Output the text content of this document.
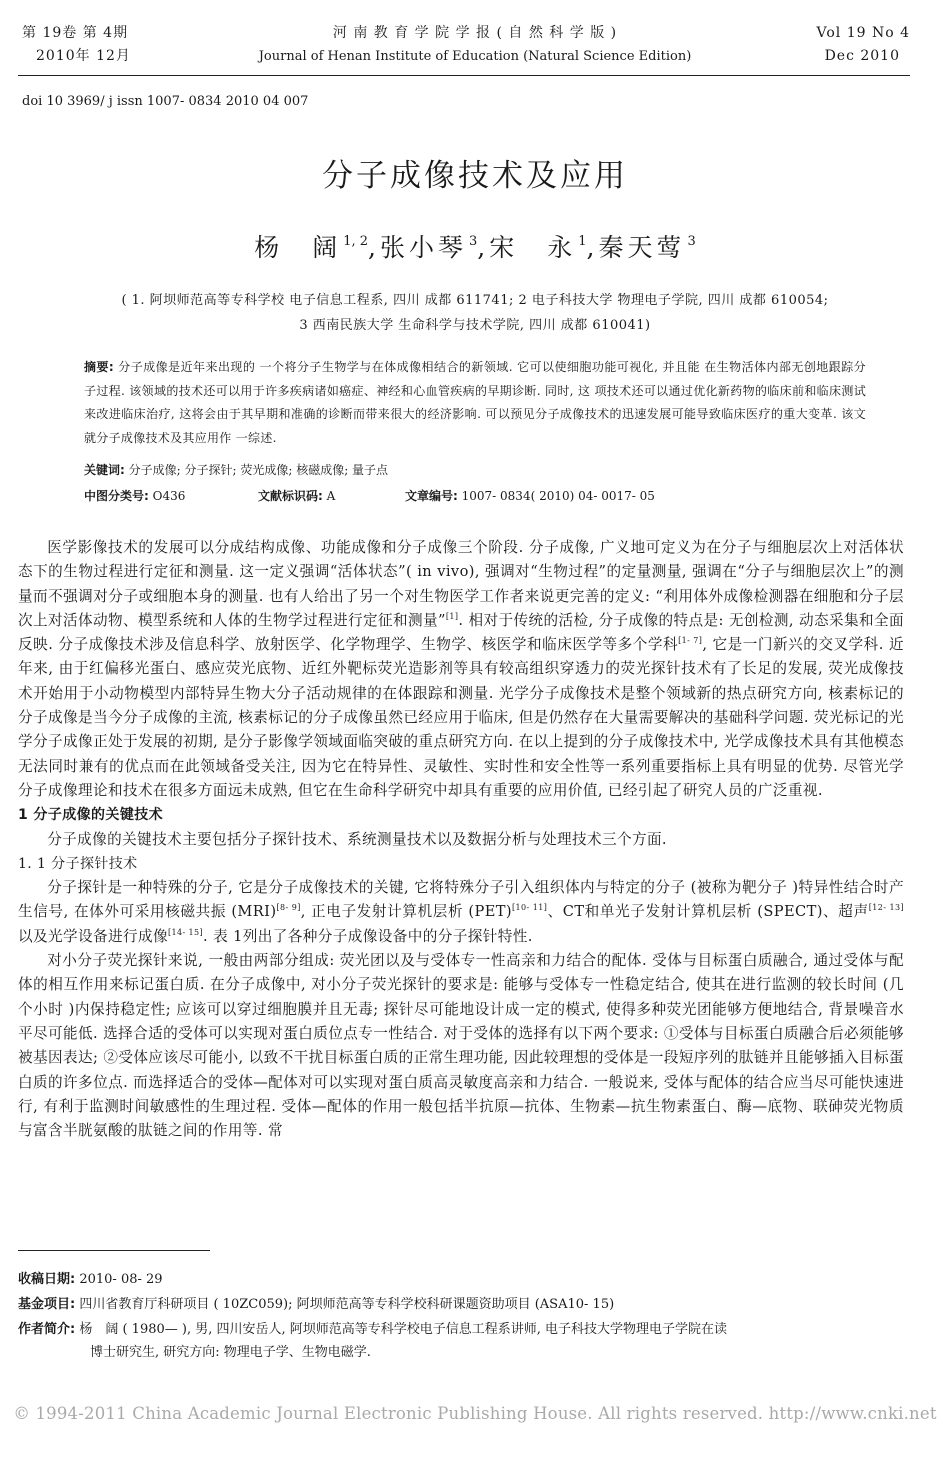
第 19卷 第 4期
2010年 12月
河 南 教 育 学 院 学 报 ( 自 然 科 学 版 )
Journal of Henan Institute of Education (Natural Science Edition)
Vol 19 No 4
Dec 2010
doi 10 3969/ j issn 1007- 0834 2010 04 007
分子成像技术及应用
杨　阔 $^{1, 2}$,张小琴 $^3$,宋　永 $^1$,秦天莺 $^3$
( 1. 阿坝师范高等专科学校 电子信息工程系, 四川 成都 611741; 2 电子科技大学 物理电子学院, 四川 成都 610054;
3 西南民族大学 生命科学与技术学院, 四川 成都 610041)
摘要: 分子成像是近年来出现的 一个将分子生物学与在体成像相结合的新领域. 它可以使细胞功能可视化, 并且能 在生物活体内部无创地跟踪分子过程. 该领域的技术还可以用于许多疾病诸如癌症、神经和心血管疾病的早期诊断. 同时, 这 项技术还可以通过优化新药物的临床前和临床测试来改进临床治疗, 这将会由于其早期和准确的诊断而带来很大的经济影响. 可以预见分子成像技术的迅速发展可能导致临床医疗的重大变革. 该文就分子成像技术及其应用作 一综述.
关键词: 分子成像; 分子探针; 荧光成像; 核磁成像; 量子点
中图分类号: O436	文献标识码: A	文章编号: 1007- 0834( 2010) 04- 0017- 05

医学影像技术的发展可以分成结构成像、功能成像和分子成像三个阶段. 分子成像, 广义地可定义为在分子与细胞层次上对活体状态下的生物过程进行定征和测量. 这一定义强调“活体状态”( in vivo), 强调对“生物过程”的定量测量, 强调在“分子与细胞层次上”的测量而不强调对分子或细胞本身的测量. 也有人给出了另一个对生物医学工作者来说更完善的定义: “利用体外成像检测器在细胞和分子层次上对活体动物、模型系统和人体的生物学过程进行定征和测量”[1]. 相对于传统的活检, 分子成像的特点是: 无创检测, 动态采集和全面反映. 分子成像技术涉及信息科学、放射医学、化学物理学、生物学、核医学和临床医学等多个学科[1- 7], 它是一门新兴的交叉学科. 近年来, 由于红偏移光蛋白、感应荧光底物、近红外靶标荧光造影剂等具有较高组织穿透力的荧光探针技术有了长足的发展, 荧光成像技术开始用于小动物模型内部特异生物大分子活动规律的在体跟踪和测量. 光学分子成像技术是整个领域新的热点研究方向, 核素标记的分子成像是当今分子成像的主流, 核素标记的分子成像虽然已经应用于临床, 但是仍然存在大量需要解决的基础科学问题. 荧光标记的光学分子成像正处于发展的初期, 是分子影像学领域面临突破的重点研究方向. 在以上提到的分子成像技术中, 光学成像技术具有其他模态无法同时兼有的优点而在此领域备受关注, 因为它在特异性、灵敏性、实时性和安全性等一系列重要指标上具有明显的优势. 尽管光学分子成像理论和技术在很多方面远未成熟, 但它在生命科学研究中却具有重要的应用价值, 已经引起了研究人员的广泛重视.

1 分子成像的关键技术

分子成像的关键技术主要包括分子探针技术、系统测量技术以及数据分析与处理技术三个方面.

1. 1 分子探针技术

分子探针是一种特殊的分子, 它是分子成像技术的关键, 它将特殊分子引入组织体内与特定的分子 (被称为靶分子 )特异性结合时产生信号, 在体外可采用核磁共振 (MRI)[8- 9], 正电子发射计算机层析 (PET)[10- 11]、CT和单光子发射计算机层析 (SPECT)、超声[12- 13]以及光学设备进行成像[14- 15]. 表 1列出了各种分子成像设备中的分子探针特性.

对小分子荧光探针来说, 一般由两部分组成: 荧光团以及与受体专一性高亲和力结合的配体. 受体与目标蛋白质融合, 通过受体与配体的相互作用来标记蛋白质. 在分子成像中, 对小分子荧光探针的要求是: 能够与受体专一性稳定结合, 使其在进行监测的较长时间 (几个小时 )内保持稳定性; 应该可以穿过细胞膜并且无毒; 探针尽可能地设计成一定的模式, 使得多种荧光团能够方便地结合, 背景噪音水平尽可能低. 选择合适的受体可以实现对蛋白质位点专一性结合. 对于受体的选择有以下两个要求: ①受体与目标蛋白质融合后必须能够被基因表达; ②受体应该尽可能小, 以致不干扰目标蛋白质的正常生理功能, 因此较理想的受体是一段短序列的肽链并且能够插入目标蛋白质的许多位点. 而选择适合的受体—配体对可以实现对蛋白质高灵敏度高亲和力结合. 一般说来, 受体与配体的结合应当尽可能快速进行, 有利于监测时间敏感性的生理过程. 受体—配体的作用一般包括半抗原—抗体、生物素—抗生物素蛋白、酶—底物、联砷荧光物质与富含半胱氨酸的肽链之间的作用等. 常

收稿日期: 2010- 08- 29
基金项目: 四川省教育厅科研项目 ( 10ZC059); 阿坝师范高等专科学校科研课题资助项目 (ASA10- 15)
作者简介: 杨　阔 ( 1980— ), 男, 四川安岳人, 阿坝师范高等专科学校电子信息工程系讲师, 电子科技大学物理电子学院在读
博士研究生, 研究方向: 物理电子学、生物电磁学.
© 1994-2011 China Academic Journal Electronic Publishing House. All rights reserved. http://www.cnki.net
